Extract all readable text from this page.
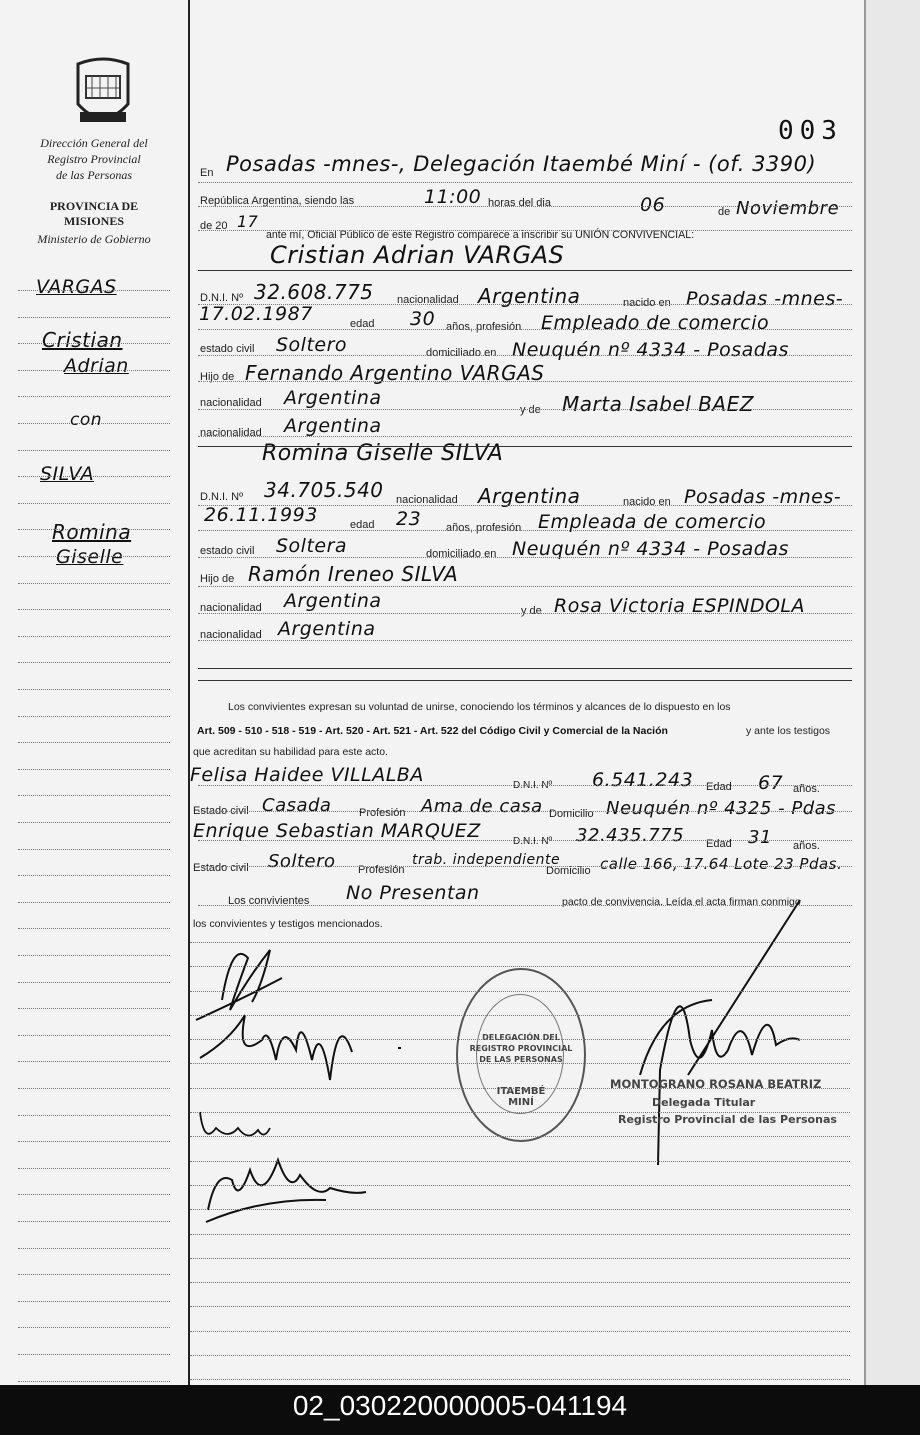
Dirección General del
Registro Provincial
de las Personas
PROVINCIA DE
MISIONES
Ministerio de Gobierno
VARGAS
Cristian
Adrian
con
SILVA
Romina
Giselle
003
En Posadas -mnes-, Delegación Itaembé Miní - (of. 3390)
República Argentina, siendo las	11:00 horas del dia	06	de Noviembre
de 20 17
ante mí, Oficial Público de este Registro comparece a inscribir su UNIÓN CONVIVENCIAL:
Cristian Adrian VARGAS
D.N.I. Nº 32.608.775 nacionalidad Argentina	nacido en Posadas -mnes-
17.02.1987	edad 30 años, profesión Empleado de comercio
estado civil Soltero	domiciliado en Neuquén nº 4334 - Posadas
Hijo de Fernando Argentino VARGAS
nacionalidad Argentina
y de Marta Isabel BAEZ
nacionalidad Argentina
Romina Giselle SILVA
D.N.I. Nº 34.705.540 nacionalidad Argentina	nacido en Posadas -mnes-
26.11.1993	edad 23 años, profesión Empleada de comercio
estado civil Soltera	domiciliado en Neuquén nº 4334 - Posadas
Hijo de Ramón Ireneo SILVA
nacionalidad Argentina	y de Rosa Victoria ESPINDOLA
nacionalidad Argentina
Los convivientes expresan su voluntad de unirse, conociendo los términos y alcances de lo dispuesto en los
Art. 509 - 510 - 518 - 519 - Art. 520 - Art. 521 - Art. 522 del Código Civil y Comercial de la Nación	y ante los testigos
que acreditan su habilidad para este acto.
Felisa Haidee VILLALBA	D.N.I. Nº 6.541.243 Edad 67 años.
Estado civil Casada	Profesión Ama de casa Domicilio Neuquén nº 4325 - Pdas
Enrique Sebastian MARQUEZ	D.N.I. Nº 32.435.775 Edad 31 años.
Estado civil Soltero Profesión
trab. independiente
Domicilio calle 166, 17.64 Lote 23 Pdas.
Los convivientes No Presentan	pacto de convivencia. Leída el acta firman conmigo
los convivientes y testigos mencionados.
DELEGACIÓN DEL REGISTRO PROVINCIAL DE LAS PERSONAS
ITAEMBÉ MINÍ
MONTOGRANO ROSANA BEATRIZ
Delegada Titular
Registro Provincial de las Personas
02_030220000005-041194
